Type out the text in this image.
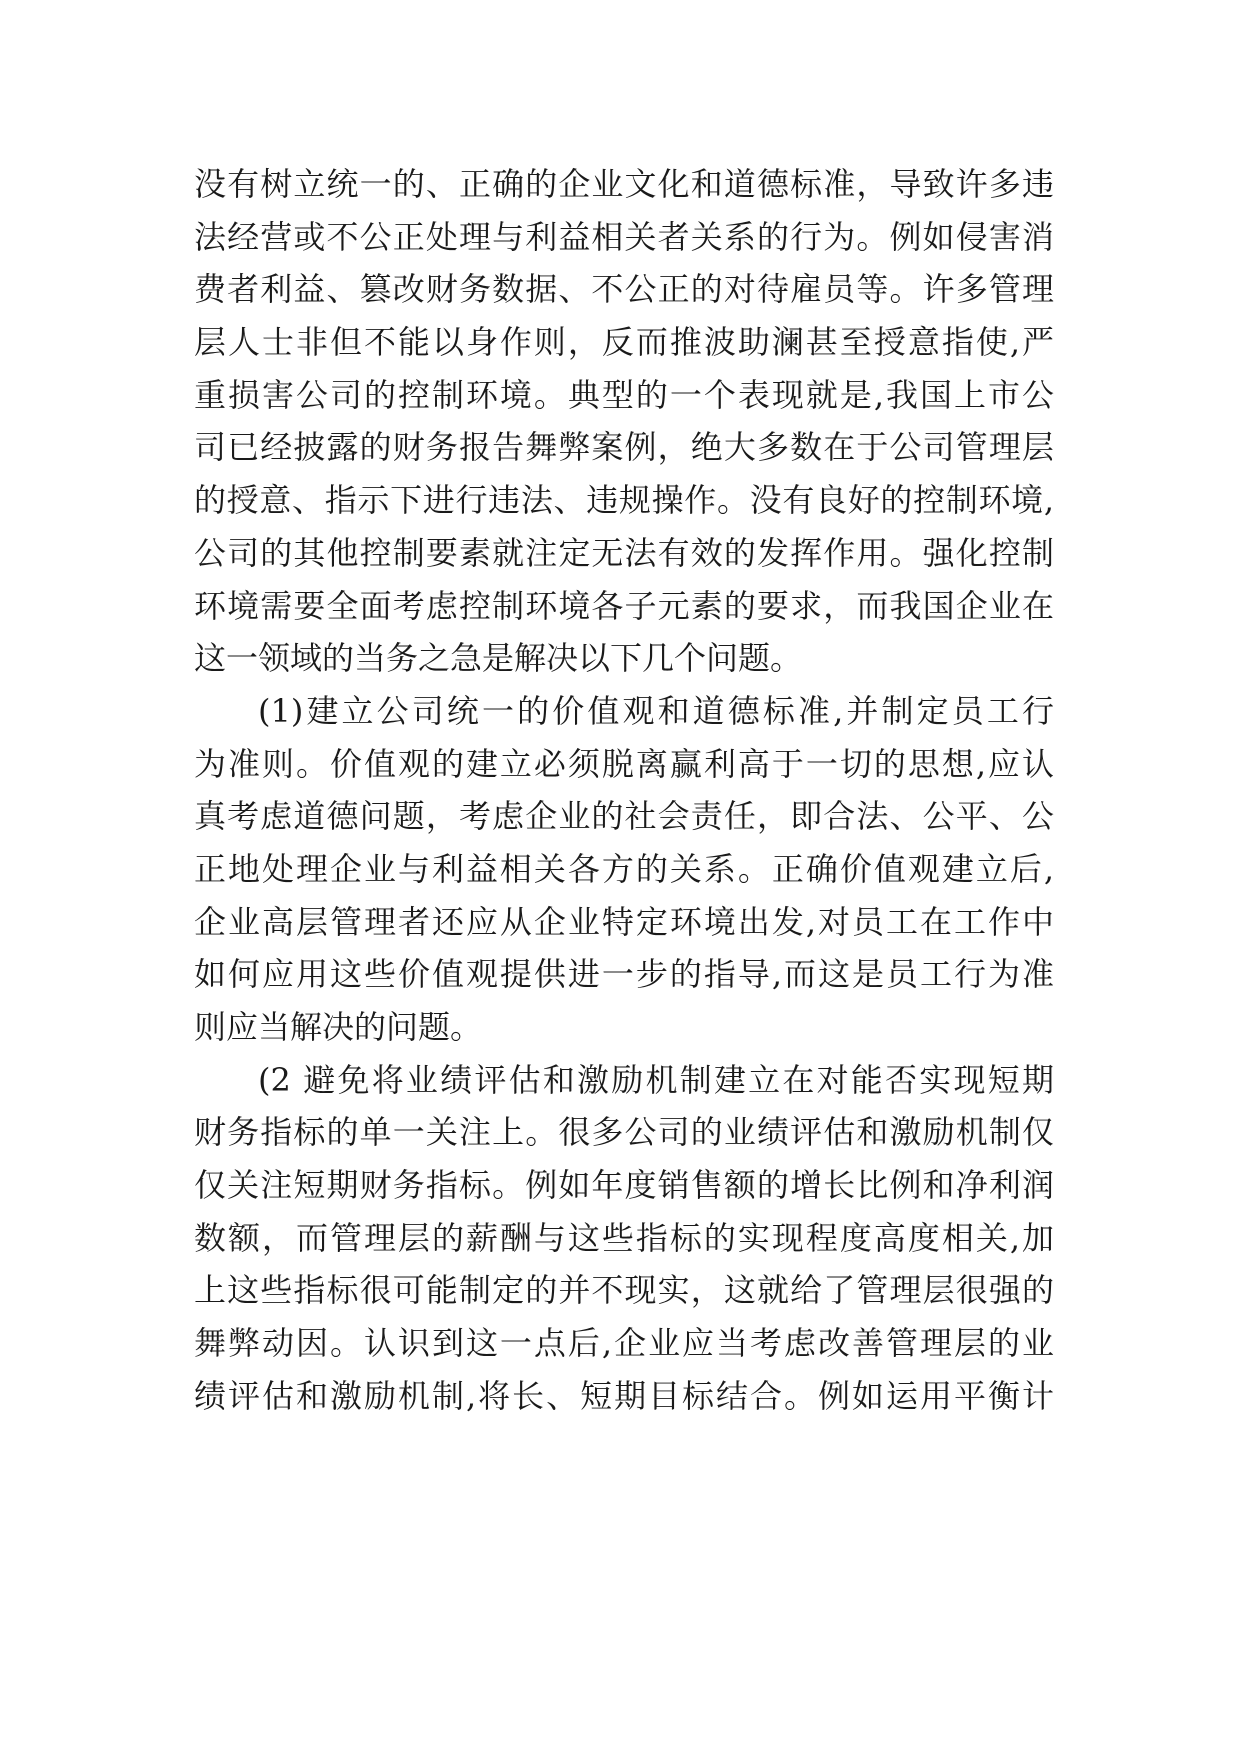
没有树立统一的、正确的企业文化和道德标准，导致许多违
法经营或不公正处理与利益相关者关系的行为。例如侵害消
费者利益、篡改财务数据、不公正的对待雇员等。许多管理
层人士非但不能以身作则，反而推波助澜甚至授意指使,严
重损害公司的控制环境。典型的一个表现就是,我国上市公
司已经披露的财务报告舞弊案例，绝大多数在于公司管理层
的授意、指示下进行违法、违规操作。没有良好的控制环境,
公司的其他控制要素就注定无法有效的发挥作用。强化控制
环境需要全面考虑控制环境各子元素的要求，而我国企业在
这一领域的当务之急是解决以下几个问题。
(1)建立公司统一的价值观和道德标准,并制定员工行
为准则。价值观的建立必须脱离赢利高于一切的思想,应认
真考虑道德问题，考虑企业的社会责任，即合法、公平、公
正地处理企业与利益相关各方的关系。正确价值观建立后,
企业高层管理者还应从企业特定环境出发,对员工在工作中
如何应用这些价值观提供进一步的指导,而这是员工行为准
则应当解决的问题。
(2 避免将业绩评估和激励机制建立在对能否实现短期
财务指标的单一关注上。很多公司的业绩评估和激励机制仅
仅关注短期财务指标。例如年度销售额的增长比例和净利润
数额，而管理层的薪酬与这些指标的实现程度高度相关,加
上这些指标很可能制定的并不现实，这就给了管理层很强的
舞弊动因。认识到这一点后,企业应当考虑改善管理层的业
绩评估和激励机制,将长、短期目标结合。例如运用平衡计
